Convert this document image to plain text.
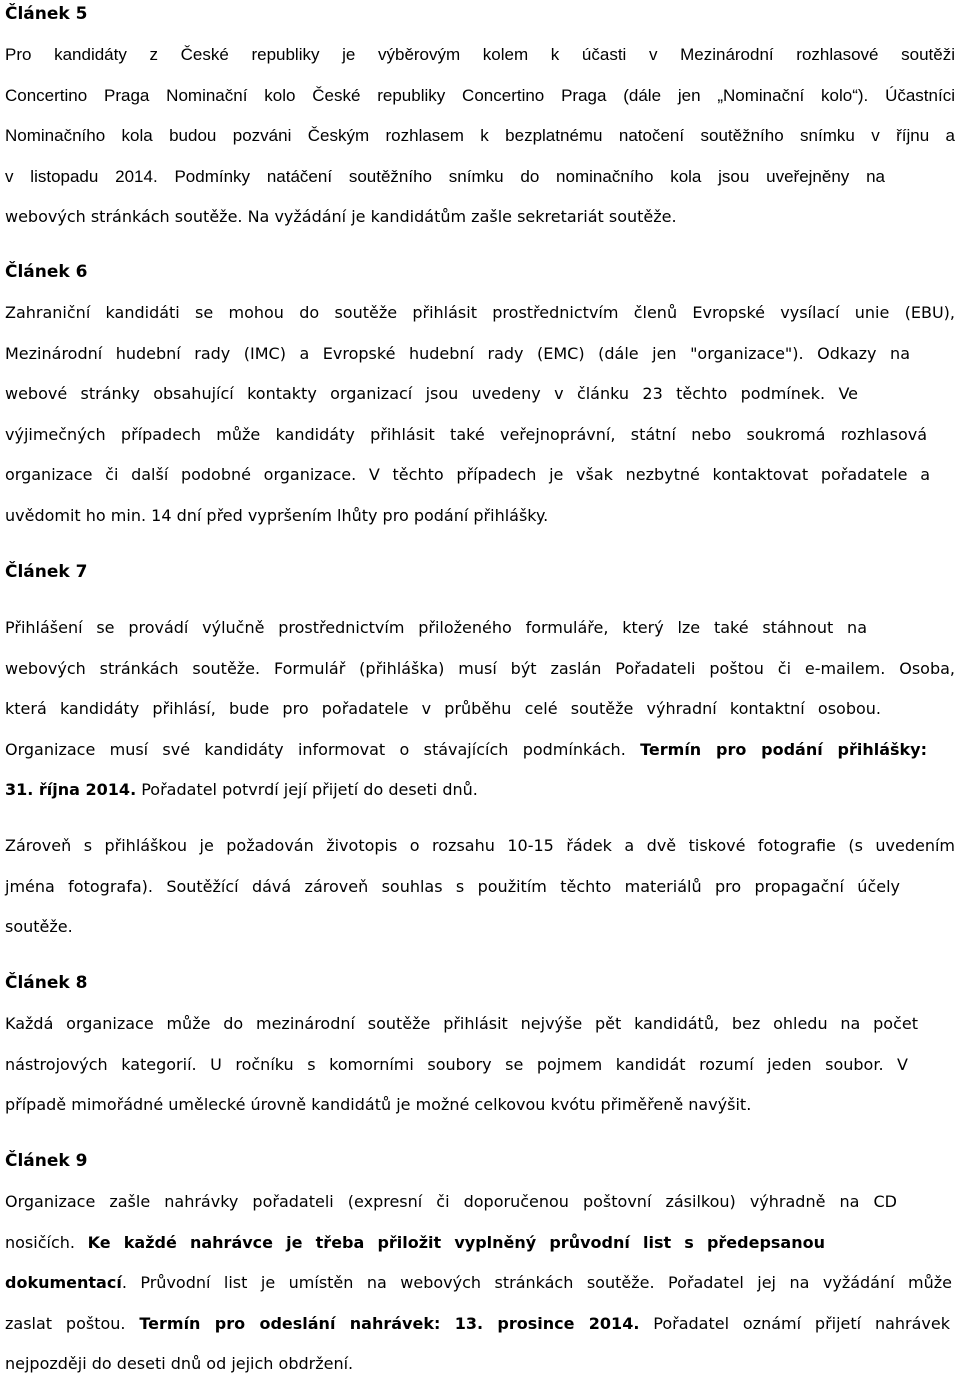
Článek 5
Pro kandidáty z České republiky je výběrovým kolem k účasti v Mezinárodní rozhlasové soutěži
Concertino Praga Nominační kolo České republiky Concertino Praga (dále jen „Nominační kolo“). Účastníci
Nominačního kola budou pozváni Českým rozhlasem k bezplatnému natočení soutěžního snímku v říjnu a
v listopadu 2014. Podmínky natáčení soutěžního snímku do nominačního kola jsou uveřejněny na
webových stránkách soutěže. Na vyžádání je kandidátům zašle sekretariát soutěže.
Článek 6
Zahraniční kandidáti se mohou do soutěže přihlásit prostřednictvím členů Evropské vysílací unie (EBU),
Mezinárodní hudební rady (IMC) a Evropské hudební rady (EMC) (dále jen "organizace"). Odkazy na
webové stránky obsahující kontakty organizací jsou uvedeny v článku 23 těchto podmínek. Ve
výjimečných případech může kandidáty přihlásit také veřejnoprávní, státní nebo soukromá rozhlasová
organizace či další podobné organizace. V těchto případech je však nezbytné kontaktovat pořadatele a
uvědomit ho min. 14 dní před vypršením lhůty pro podání přihlášky.
Článek 7
Přihlášení se provádí výlučně prostřednictvím přiloženého formuláře, který lze také stáhnout na
webových stránkách soutěže. Formulář (přihláška) musí být zaslán Pořadateli poštou či e-mailem. Osoba,
která kandidáty přihlásí, bude pro pořadatele v průběhu celé soutěže výhradní kontaktní osobou.
Organizace musí své kandidáty informovat o stávajících podmínkách. Termín pro podání přihlášky:
31. října 2014. Pořadatel potvrdí její přijetí do deseti dnů.
Zároveň s přihláškou je požadován životopis o rozsahu 10-15 řádek a dvě tiskové fotografie (s uvedením
jména fotografa). Soutěžící dává zároveň souhlas s použitím těchto materiálů pro propagační účely
soutěže.
Článek 8
Každá organizace může do mezinárodní soutěže přihlásit nejvýše pět kandidátů, bez ohledu na počet
nástrojových kategorií. U ročníku s komorními soubory se pojmem kandidát rozumí jeden soubor. V
případě mimořádné umělecké úrovně kandidátů je možné celkovou kvótu přiměřeně navýšit.
Článek 9
Organizace zašle nahrávky pořadateli (expresní či doporučenou poštovní zásilkou) výhradně na CD
nosičích. Ke každé nahrávce je třeba přiložit vyplněný průvodní list s předepsanou
dokumentací. Průvodní list je umístěn na webových stránkách soutěže. Pořadatel jej na vyžádání může
zaslat poštou. Termín pro odeslání nahrávek: 13. prosince 2014. Pořadatel oznámí přijetí nahrávek
nejpozději do deseti dnů od jejich obdržení.
